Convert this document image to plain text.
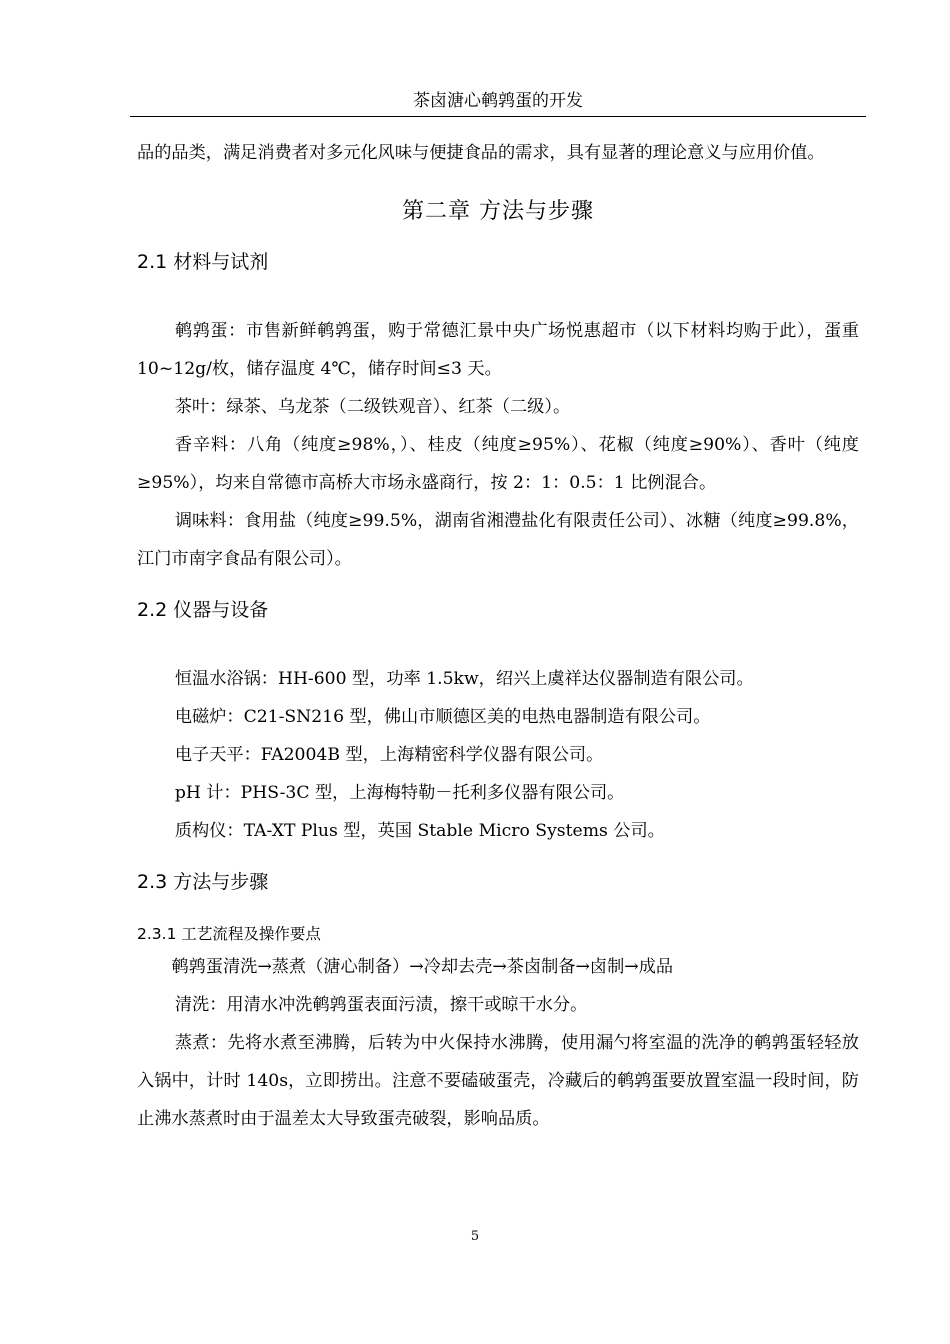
茶卤溏心鹌鹑蛋的开发

品的品类，满足消费者对多元化风味与便捷食品的需求，具有显著的理论意义与应用价值。

第二章 方法与步骤
2.1 材料与试剂

鹌鹑蛋：市售新鲜鹌鹑蛋，购于常德汇景中央广场悦惠超市（以下材料均购于此），蛋重 10~12g/枚，储存温度 4℃，储存时间≤3 天。

茶叶：绿茶、乌龙茶（二级铁观音）、红茶（二级）。

香辛料：八角（纯度≥98%，）、桂皮（纯度≥95%）、花椒（纯度≥90%）、香叶（纯度≥95%），均来自常德市高桥大市场永盛商行，按 2：1：0.5：1 比例混合。

调味料：食用盐（纯度≥99.5%，湖南省湘澧盐化有限责任公司）、冰糖（纯度≥99.8%，江门市南字食品有限公司）。

2.2 仪器与设备

恒温水浴锅：HH-600 型，功率 1.5kw，绍兴上虞祥达仪器制造有限公司。

电磁炉：C21-SN216 型，佛山市顺德区美的电热电器制造有限公司。

电子天平：FA2004B 型，上海精密科学仪器有限公司。

pH 计：PHS-3C 型，上海梅特勒－托利多仪器有限公司。

质构仪：TA-XT Plus 型，英国 Stable Micro Systems 公司。

2.3 方法与步骤
2.3.1 工艺流程及操作要点

鹌鹑蛋清洗→蒸煮（溏心制备）→冷却去壳→茶卤制备→卤制→成品

清洗：用清水冲洗鹌鹑蛋表面污渍，擦干或晾干水分。

蒸煮：先将水煮至沸腾，后转为中火保持水沸腾，使用漏勺将室温的洗净的鹌鹑蛋轻轻放入锅中，计时 140s，立即捞出。注意不要磕破蛋壳，冷藏后的鹌鹑蛋要放置室温一段时间，防止沸水蒸煮时由于温差太大导致蛋壳破裂，影响品质。

5
